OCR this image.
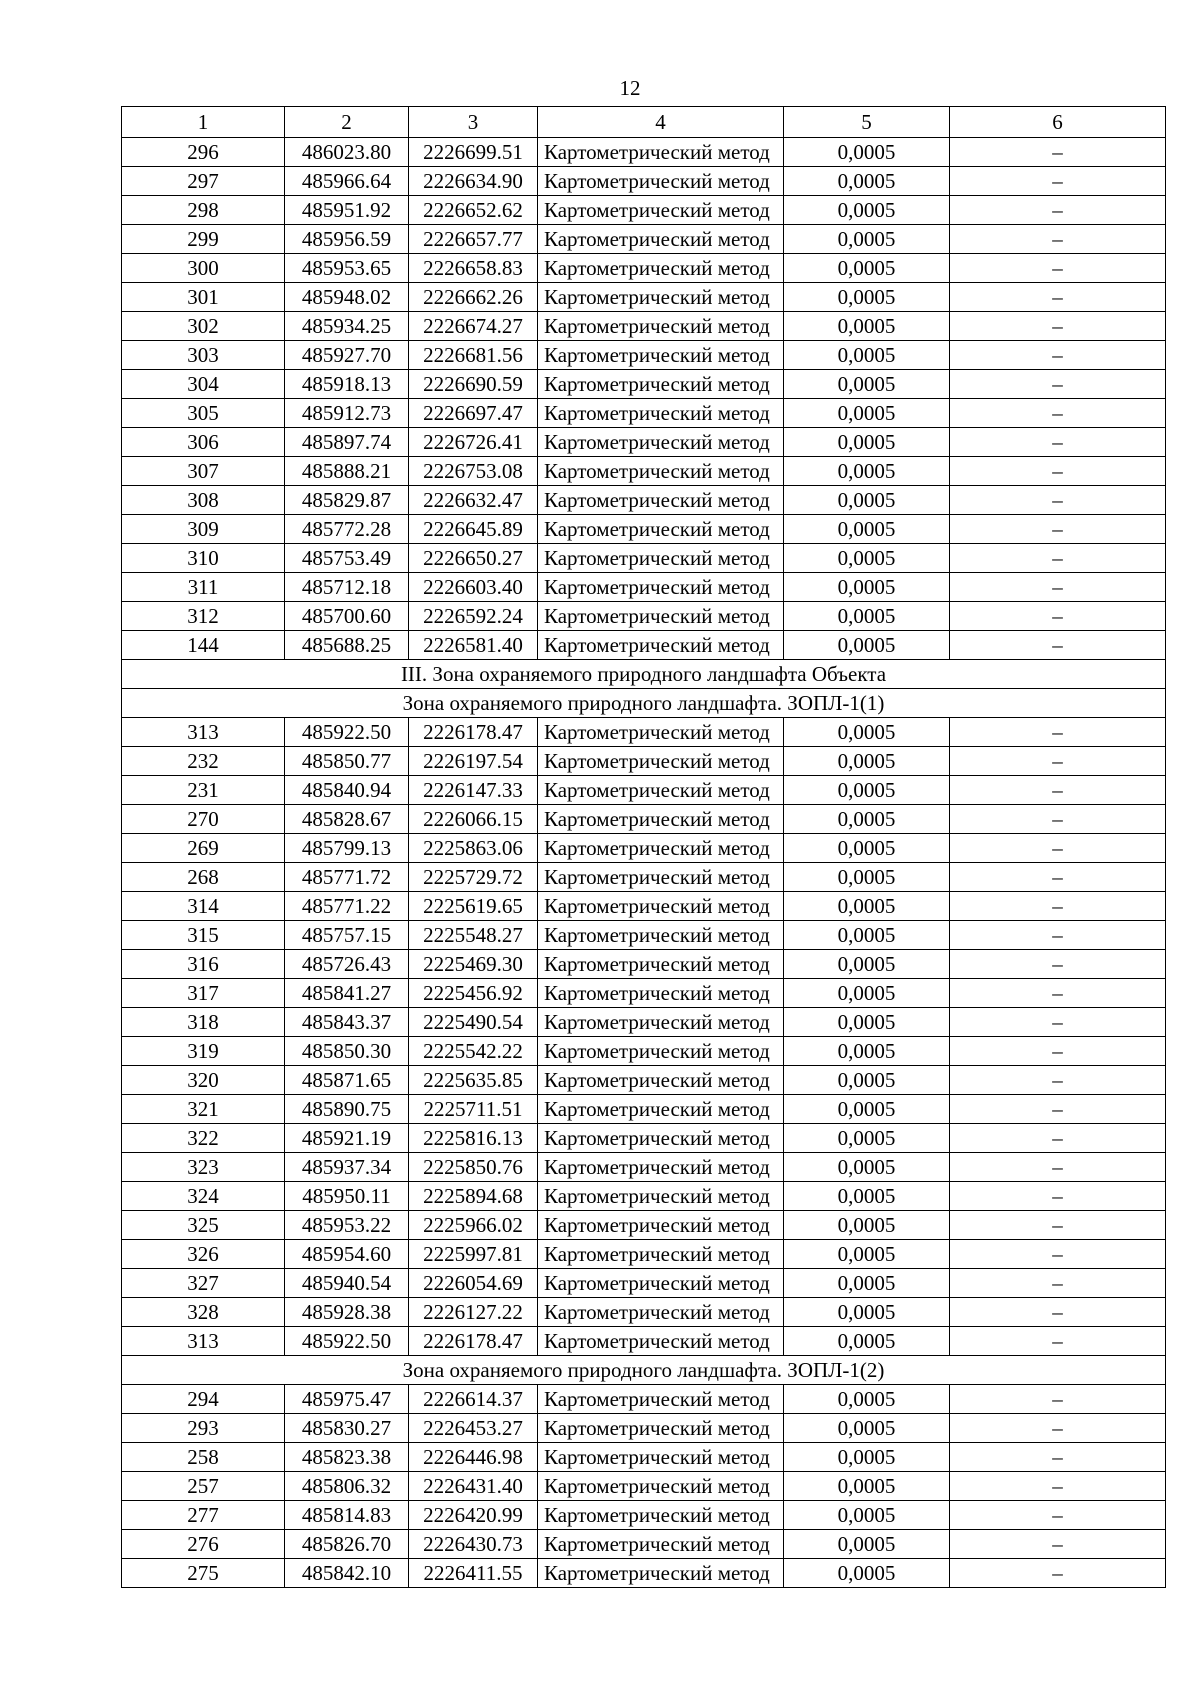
12
1	2	3	4	5	6
296	486023.80	2226699.51	Картометрический метод	0,0005	–
297	485966.64	2226634.90	Картометрический метод	0,0005	–
298	485951.92	2226652.62	Картометрический метод	0,0005	–
299	485956.59	2226657.77	Картометрический метод	0,0005	–
300	485953.65	2226658.83	Картометрический метод	0,0005	–
301	485948.02	2226662.26	Картометрический метод	0,0005	–
302	485934.25	2226674.27	Картометрический метод	0,0005	–
303	485927.70	2226681.56	Картометрический метод	0,0005	–
304	485918.13	2226690.59	Картометрический метод	0,0005	–
305	485912.73	2226697.47	Картометрический метод	0,0005	–
306	485897.74	2226726.41	Картометрический метод	0,0005	–
307	485888.21	2226753.08	Картометрический метод	0,0005	–
308	485829.87	2226632.47	Картометрический метод	0,0005	–
309	485772.28	2226645.89	Картометрический метод	0,0005	–
310	485753.49	2226650.27	Картометрический метод	0,0005	–
311	485712.18	2226603.40	Картометрический метод	0,0005	–
312	485700.60	2226592.24	Картометрический метод	0,0005	–
144	485688.25	2226581.40	Картометрический метод	0,0005	–
III. Зона охраняемого природного ландшафта Объекта					
Зона охраняемого природного ландшафта. ЗОПЛ-1(1)					
313	485922.50	2226178.47	Картометрический метод	0,0005	–
232	485850.77	2226197.54	Картометрический метод	0,0005	–
231	485840.94	2226147.33	Картометрический метод	0,0005	–
270	485828.67	2226066.15	Картометрический метод	0,0005	–
269	485799.13	2225863.06	Картометрический метод	0,0005	–
268	485771.72	2225729.72	Картометрический метод	0,0005	–
314	485771.22	2225619.65	Картометрический метод	0,0005	–
315	485757.15	2225548.27	Картометрический метод	0,0005	–
316	485726.43	2225469.30	Картометрический метод	0,0005	–
317	485841.27	2225456.92	Картометрический метод	0,0005	–
318	485843.37	2225490.54	Картометрический метод	0,0005	–
319	485850.30	2225542.22	Картометрический метод	0,0005	–
320	485871.65	2225635.85	Картометрический метод	0,0005	–
321	485890.75	2225711.51	Картометрический метод	0,0005	–
322	485921.19	2225816.13	Картометрический метод	0,0005	–
323	485937.34	2225850.76	Картометрический метод	0,0005	–
324	485950.11	2225894.68	Картометрический метод	0,0005	–
325	485953.22	2225966.02	Картометрический метод	0,0005	–
326	485954.60	2225997.81	Картометрический метод	0,0005	–
327	485940.54	2226054.69	Картометрический метод	0,0005	–
328	485928.38	2226127.22	Картометрический метод	0,0005	–
313	485922.50	2226178.47	Картометрический метод	0,0005	–
Зона охраняемого природного ландшафта. ЗОПЛ-1(2)					
294	485975.47	2226614.37	Картометрический метод	0,0005	–
293	485830.27	2226453.27	Картометрический метод	0,0005	–
258	485823.38	2226446.98	Картометрический метод	0,0005	–
257	485806.32	2226431.40	Картометрический метод	0,0005	–
277	485814.83	2226420.99	Картометрический метод	0,0005	–
276	485826.70	2226430.73	Картометрический метод	0,0005	–
275	485842.10	2226411.55	Картометрический метод	0,0005	–
